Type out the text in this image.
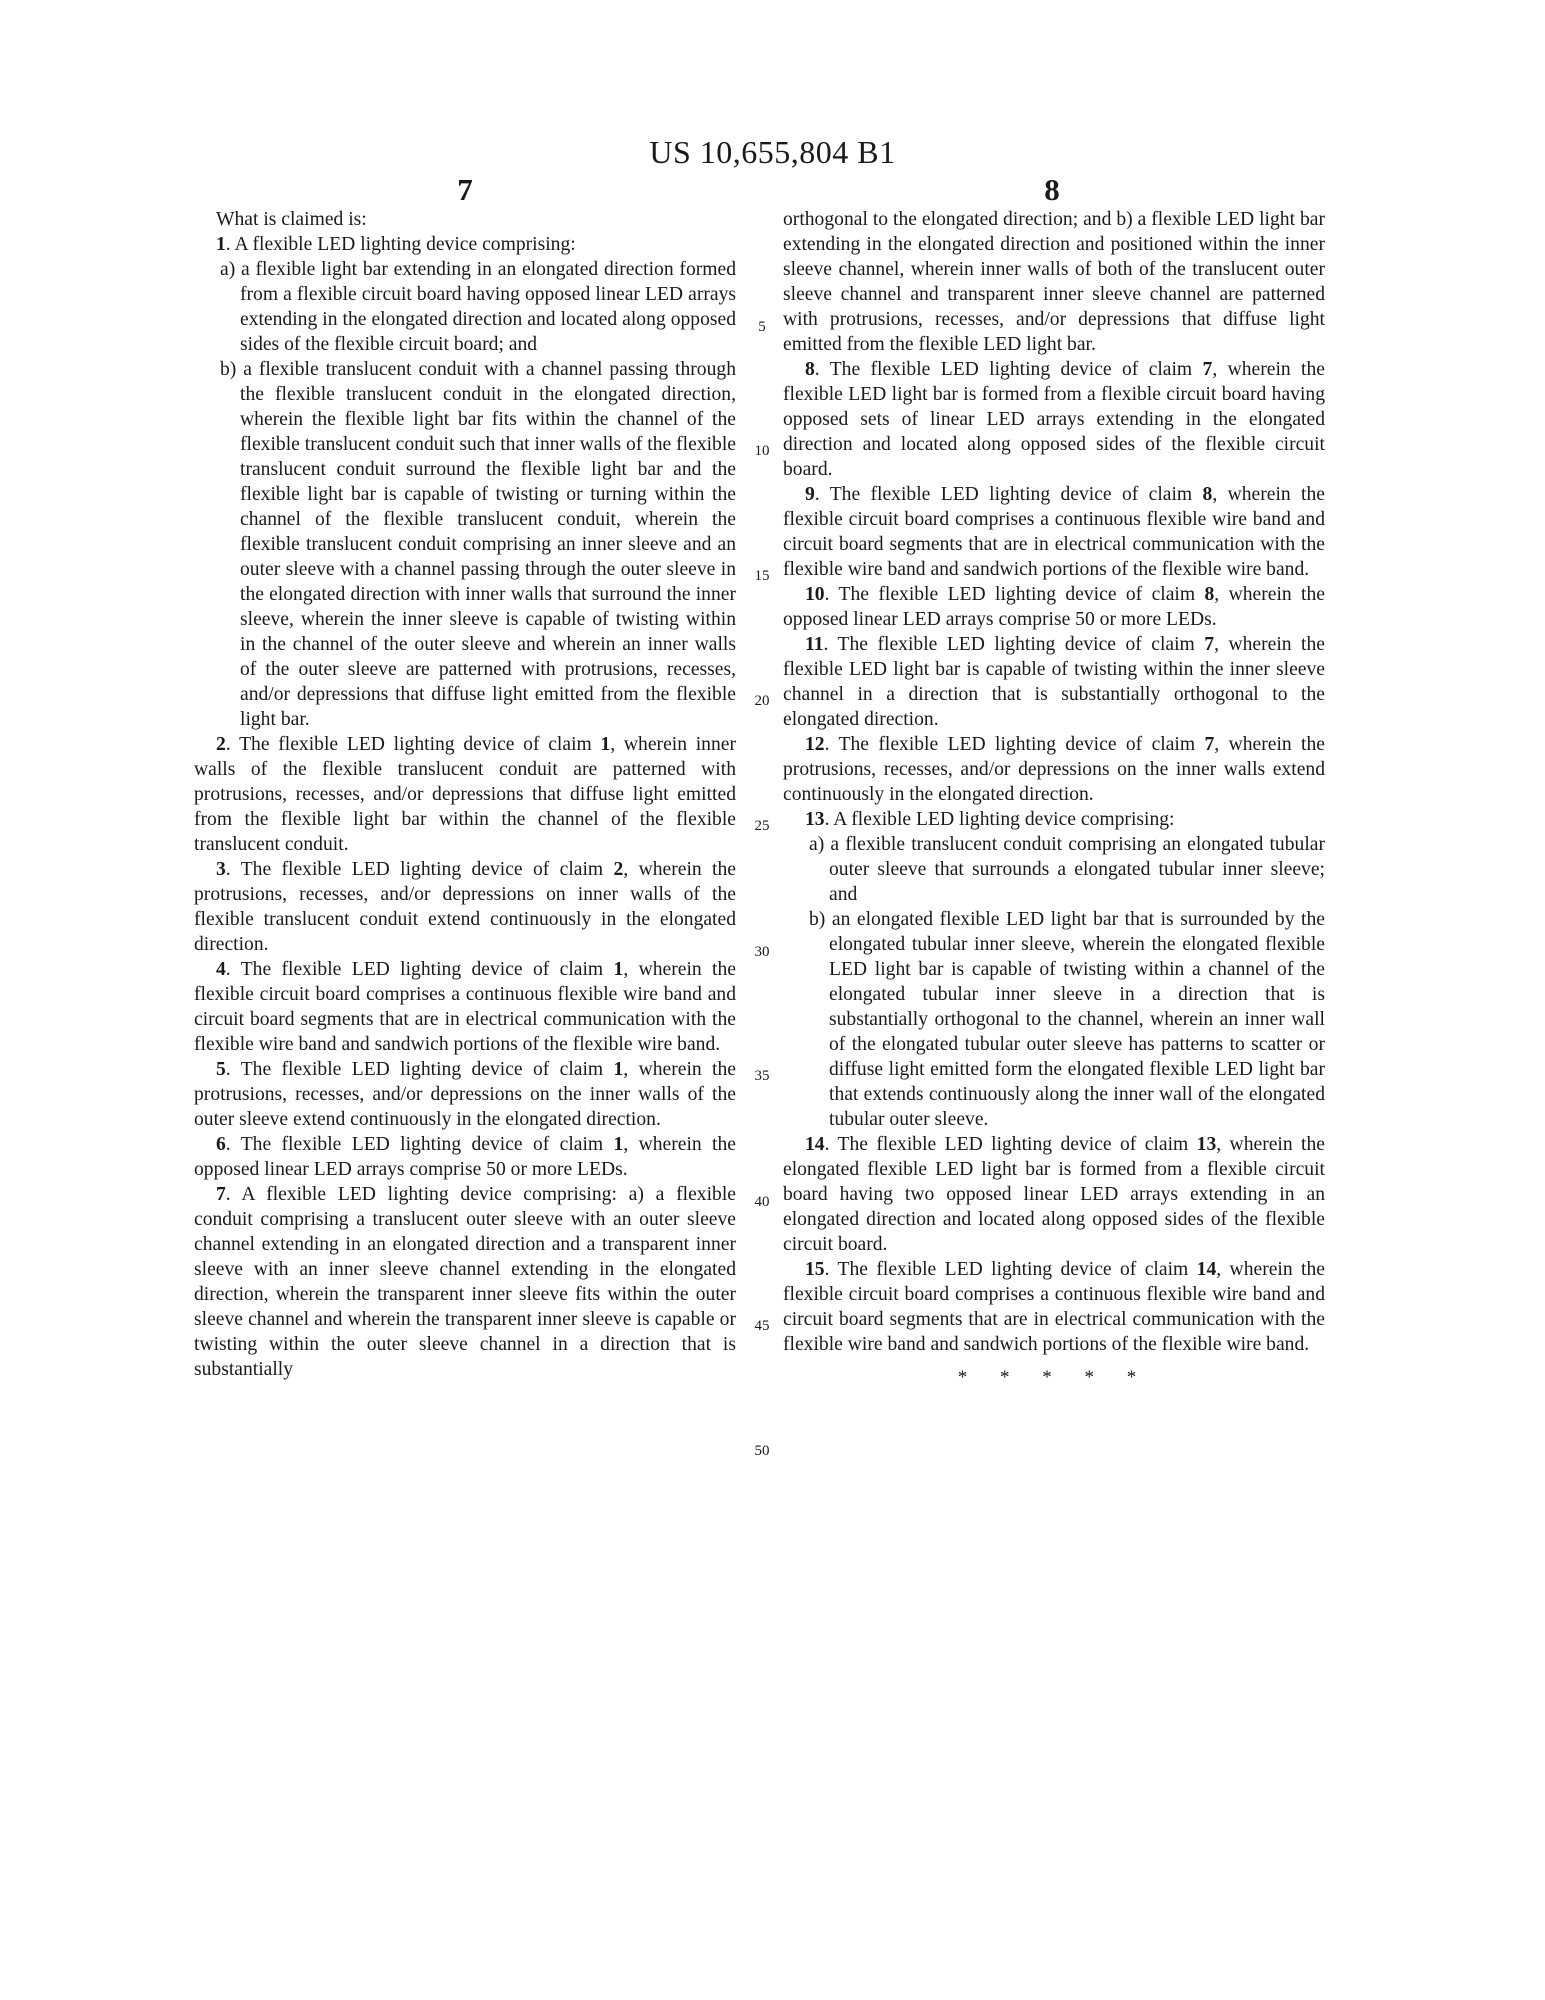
US 10,655,804 B1
7	8

What is claimed is:

1. A flexible LED lighting device comprising:

a) a flexible light bar extending in an elongated direction formed from a flexible circuit board having opposed linear LED arrays extending in the elongated direction and located along opposed sides of the flexible circuit board; and

b) a flexible translucent conduit with a channel passing through the flexible translucent conduit in the elongated direction, wherein the flexible light bar fits within the channel of the flexible translucent conduit such that inner walls of the flexible translucent conduit surround the flexible light bar and the flexible light bar is capable of twisting or turning within the channel of the flexible translucent conduit, wherein the flexible translucent conduit comprising an inner sleeve and an outer sleeve with a channel passing through the outer sleeve in the elongated direction with inner walls that surround the inner sleeve, wherein the inner sleeve is capable of twisting within in the channel of the outer sleeve and wherein an inner walls of the outer sleeve are patterned with protrusions, recesses, and/or depressions that diffuse light emitted from the flexible light bar.

2. The flexible LED lighting device of claim 1, wherein inner walls of the flexible translucent conduit are patterned with protrusions, recesses, and/or depressions that diffuse light emitted from the flexible light bar within the channel of the flexible translucent conduit.

3. The flexible LED lighting device of claim 2, wherein the protrusions, recesses, and/or depressions on inner walls of the flexible translucent conduit extend continuously in the elongated direction.

4. The flexible LED lighting device of claim 1, wherein the flexible circuit board comprises a continuous flexible wire band and circuit board segments that are in electrical communication with the flexible wire band and sandwich portions of the flexible wire band.

5. The flexible LED lighting device of claim 1, wherein the protrusions, recesses, and/or depressions on the inner walls of the outer sleeve extend continuously in the elongated direction.

6. The flexible LED lighting device of claim 1, wherein the opposed linear LED arrays comprise 50 or more LEDs.

7. A flexible LED lighting device comprising: a) a flexible conduit comprising a translucent outer sleeve with an outer sleeve channel extending in an elongated direction and a transparent inner sleeve with an inner sleeve channel extending in the elongated direction, wherein the transparent inner sleeve fits within the outer sleeve channel and wherein the transparent inner sleeve is capable or twisting within the outer sleeve channel in a direction that is substantially

5
10
15
20
25
30
35
40
45
50

orthogonal to the elongated direction; and b) a flexible LED light bar extending in the elongated direction and positioned within the inner sleeve channel, wherein inner walls of both of the translucent outer sleeve channel and transparent inner sleeve channel are patterned with protrusions, recesses, and/or depressions that diffuse light emitted from the flexible LED light bar.

8. The flexible LED lighting device of claim 7, wherein the flexible LED light bar is formed from a flexible circuit board having opposed sets of linear LED arrays extending in the elongated direction and located along opposed sides of the flexible circuit board.

9. The flexible LED lighting device of claim 8, wherein the flexible circuit board comprises a continuous flexible wire band and circuit board segments that are in electrical communication with the flexible wire band and sandwich portions of the flexible wire band.

10. The flexible LED lighting device of claim 8, wherein the opposed linear LED arrays comprise 50 or more LEDs.

11. The flexible LED lighting device of claim 7, wherein the flexible LED light bar is capable of twisting within the inner sleeve channel in a direction that is substantially orthogonal to the elongated direction.

12. The flexible LED lighting device of claim 7, wherein the protrusions, recesses, and/or depressions on the inner walls extend continuously in the elongated direction.

13. A flexible LED lighting device comprising:

a) a flexible translucent conduit comprising an elongated tubular outer sleeve that surrounds a elongated tubular inner sleeve; and

b) an elongated flexible LED light bar that is surrounded by the elongated tubular inner sleeve, wherein the elongated flexible LED light bar is capable of twisting within a channel of the elongated tubular inner sleeve in a direction that is substantially orthogonal to the channel, wherein an inner wall of the elongated tubular outer sleeve has patterns to scatter or diffuse light emitted form the elongated flexible LED light bar that extends continuously along the inner wall of the elongated tubular outer sleeve.

14. The flexible LED lighting device of claim 13, wherein the elongated flexible LED light bar is formed from a flexible circuit board having two opposed linear LED arrays extending in an elongated direction and located along opposed sides of the flexible circuit board.

15. The flexible LED lighting device of claim 14, wherein the flexible circuit board comprises a continuous flexible wire band and circuit board segments that are in electrical communication with the flexible wire band and sandwich portions of the flexible wire band.

* * * * *
